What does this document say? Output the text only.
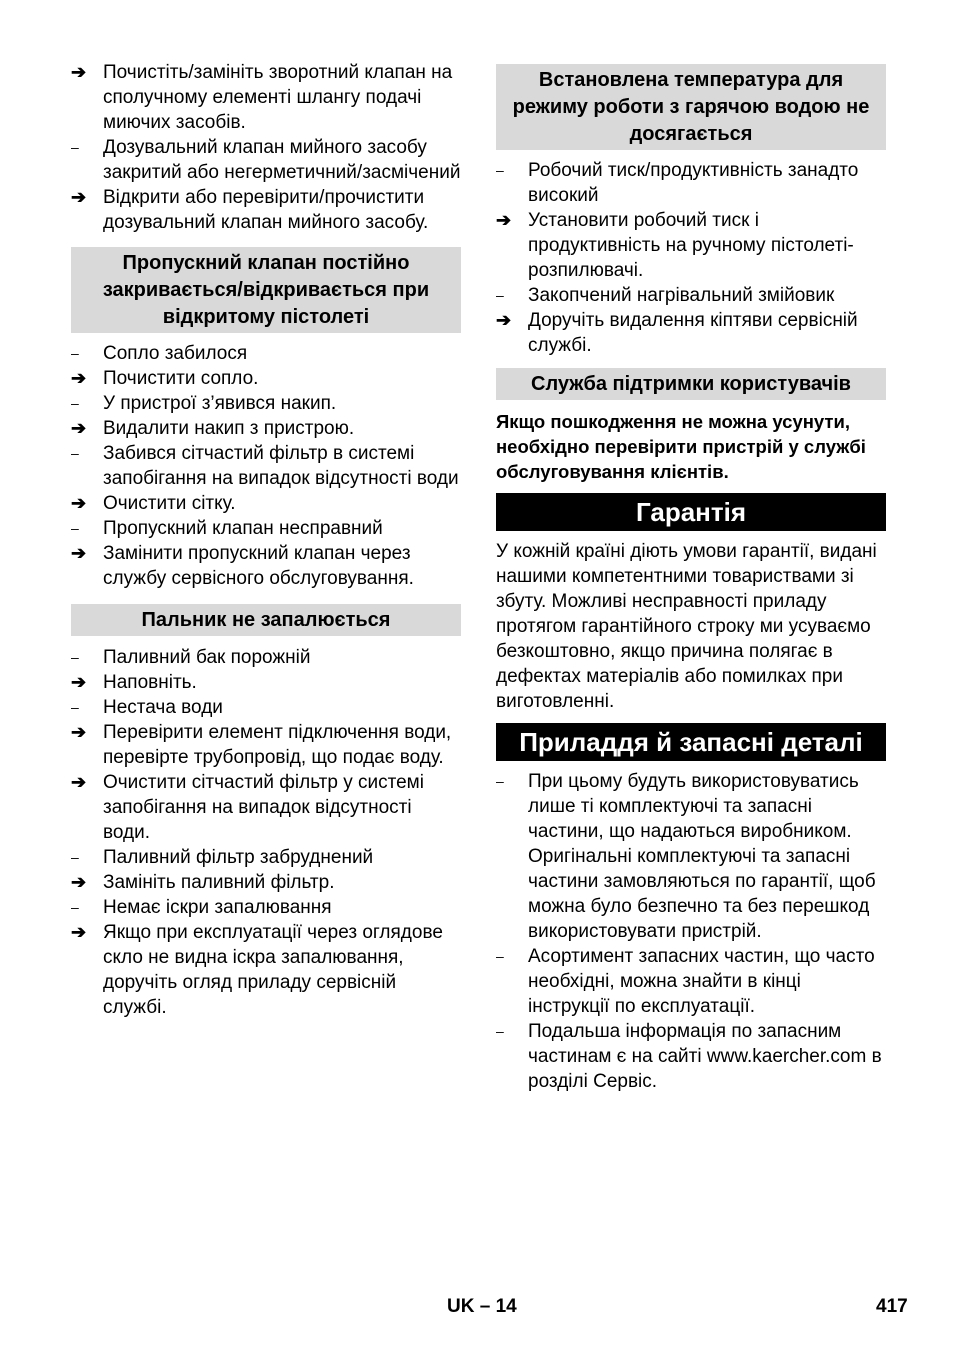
➔ Почистіть/замініть зворотний клапан на сполучному елементі шлангу подачі миючих засобів.
–	Дозувальний клапан мийного засобу закритий або негерметичний/засмічений
➔ Відкрити або перевірити/прочистити дозувальний клапан мийного засобу.
Пропускний клапан постійно закривається/відкривається при відкритому пістолеті
–	Сопло забилося
➔ Почистити сопло.
–	У пристрої з’явився накип.
➔ Видалити накип з пристрою.
–	Забився сітчастий фільтр в системі запобігання на випадок відсутності води
➔ Очистити сітку.
–	Пропускний клапан несправний
➔ Замінити пропускний клапан через службу сервісного обслуговування.
Пальник не запалюється
–	Паливний бак порожній
➔ Наповніть.
–	Нестача води
➔ Перевірити елемент підключення води, перевірте трубопровід, що подає воду.
➔ Очистити сітчастий фільтр у системі запобігання на випадок відсутності води.
–	Паливний фільтр забруднений
➔ Замініть паливний фільтр.
–	Немає іскри запалювання
➔ Якщо при експлуатації через оглядове скло не видна іскра запалювання, доручіть огляд приладу сервісній службі.
Встановлена температура для режиму роботи з гарячою водою не досягається
–	Робочий тиск/продуктивність занадто високий
➔ Установити робочий тиск і продуктивність на ручному пістолеті-розпилювачі.
–	Закопчений нагрівальний змійовик
➔ Доручіть видалення кіптяви сервісній службі.
Служба підтримки користувачів
Якщо пошкодження не можна усунути, необхідно перевірити пристрій у службі обслуговування клієнтів.
Гарантія
У кожній країні діють умови гарантії, видані нашими компетентними товариствами зі збуту. Можливі несправності приладу протягом гарантійного строку ми усуваємо безкоштовно, якщо причина полягає в дефектах матеріалів або помилках при виготовленні.
Приладдя й запасні деталі
–	При цьому будуть використовуватись лише ті комплектуючі та запасні частини, що надаються виробником. Оригінальні комплектуючі та запасні частини замовляються по гарантії, щоб можна було безпечно та без перешкод використовувати пристрій.
–	Асортимент запасних частин, що часто необхідні, можна знайти в кінці інструкції по експлуатації.
–	Подальша інформація по запасним частинам є на сайті www.kaercher.com в розділі Сервіс.
UK – 14	417
